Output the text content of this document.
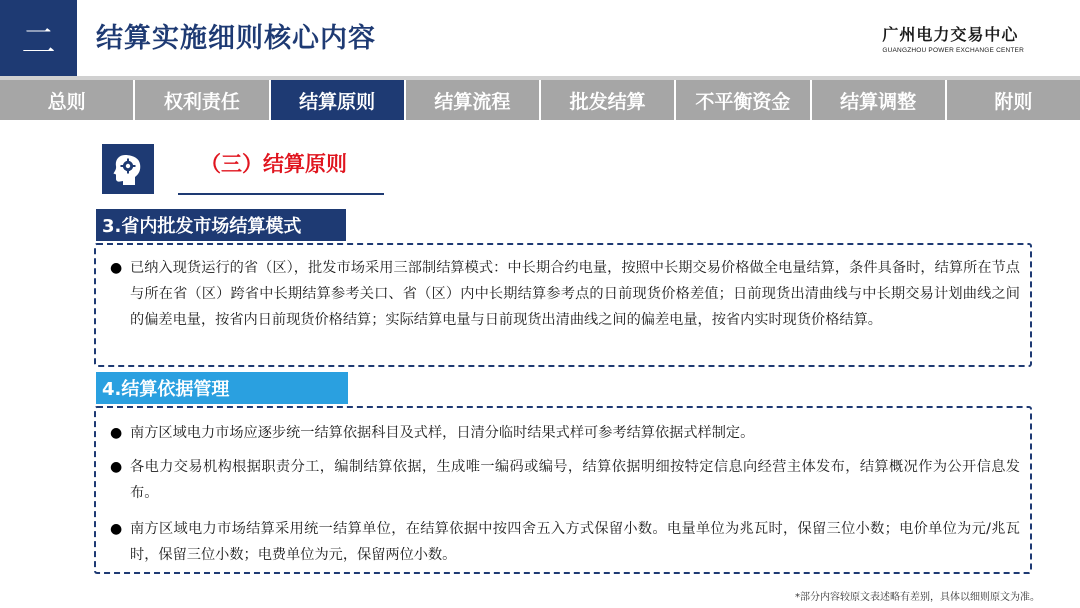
二	结算实施细则核心内容	广州电力交易中心
GUANGZHOU POWER EXCHANGE CENTER
总则	权利责任	结算原则	结算流程	批发结算	不平衡资金	结算调整	附则
（三）结算原则
3.省内批发市场结算模式
● 已纳入现货运行的省（区），批发市场采用三部制结算模式：中长期合约电量，按照中长期交易价格做全电量结算，条件具备时，结算所在节点与所在省（区）跨省中长期结算参考关口、省（区）内中长期结算参考点的日前现货价格差值；日前现货出清曲线与中长期交易计划曲线之间的偏差电量，按省内日前现货价格结算；实际结算电量与日前现货出清曲线之间的偏差电量，按省内实时现货价格结算。
4.结算依据管理
● 南方区域电力市场应逐步统一结算依据科目及式样，日清分临时结果式样可参考结算依据式样制定。
● 各电力交易机构根据职责分工，编制结算依据，生成唯一编码或编号，结算依据明细按特定信息向经营主体发布，结算概况作为公开信息发布。
● 南方区域电力市场结算采用统一结算单位，在结算依据中按四舍五入方式保留小数。电量单位为兆瓦时，保留三位小数；电价单位为元/兆瓦时，保留三位小数；电费单位为元，保留两位小数。
*部分内容较原文表述略有差别，具体以细则原文为准。
